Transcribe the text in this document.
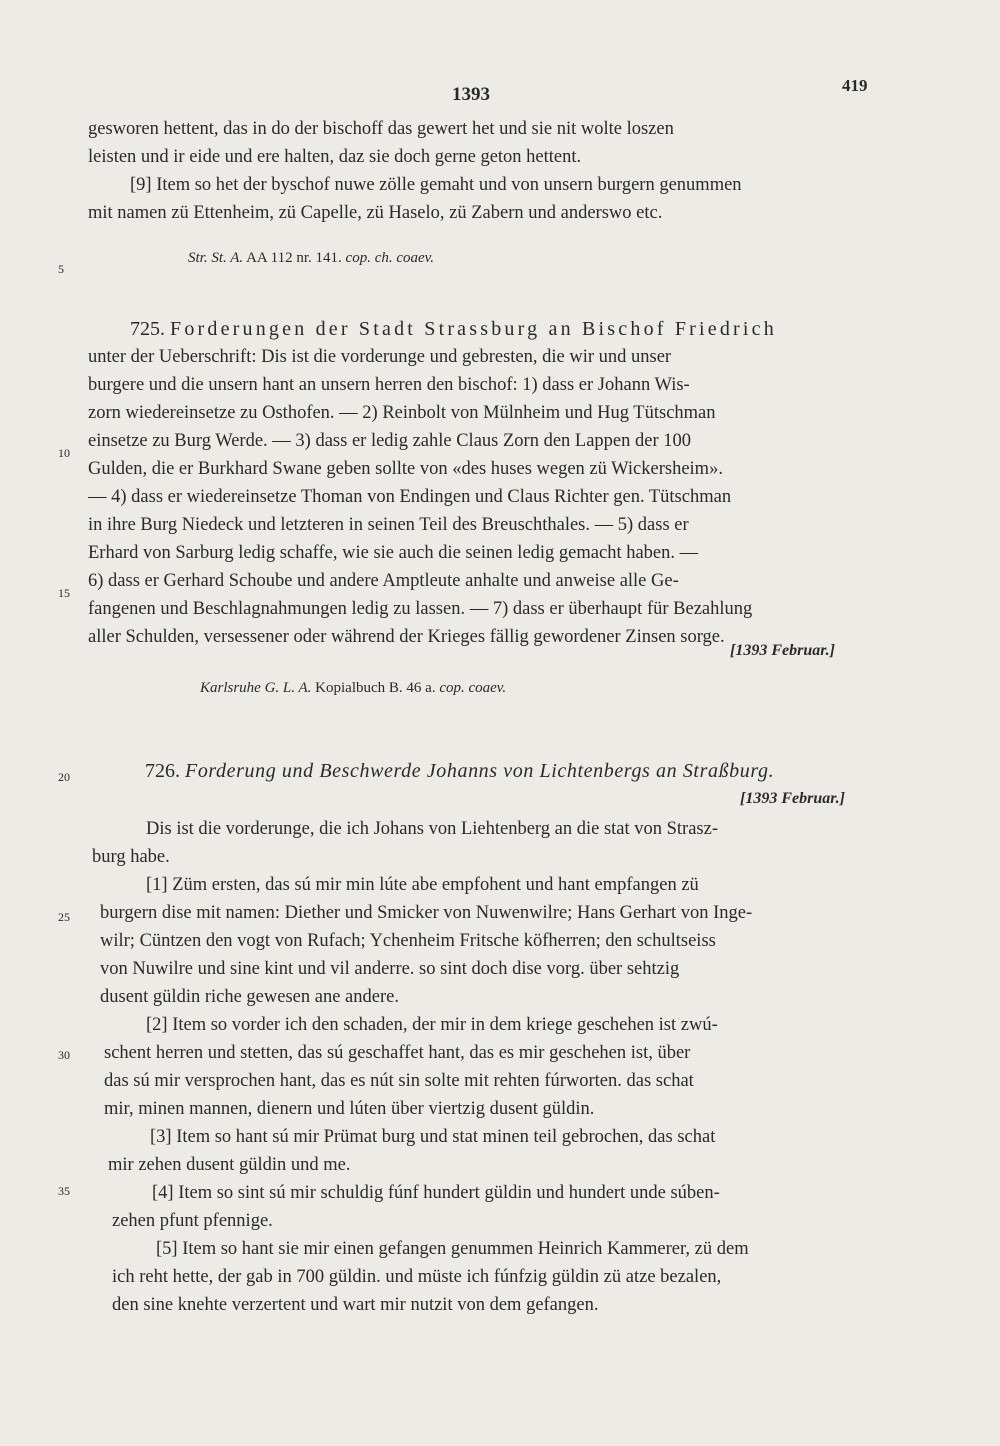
1393	419
5
10
15
20
25
30
35
gesworen hettent, das in do der bischoff das gewert het und sie nit wolte loszen
leisten und ir eide und ere halten, daz sie doch gerne geton hettent.
[9] Item so het der byschof nuwe zölle gemaht und von unsern burgern genummen
mit namen zü Ettenheim, zü Capelle, zü Haselo, zü Zabern und anderswo etc.
Str. St. A. AA 112 nr. 141. cop. ch. coaev.
725. Forderungen der Stadt Strassburg an Bischof Friedrich
unter der Ueberschrift: Dis ist die vorderunge und gebresten, die wir und unser
burgere und die unsern hant an unsern herren den bischof: 1) dass er Johann Wis-
zorn wiedereinsetze zu Osthofen. — 2) Reinbolt von Mülnheim und Hug Tütschman
einsetze zu Burg Werde. — 3) dass er ledig zahle Claus Zorn den Lappen der 100
Gulden, die er Burkhard Swane geben sollte von «des huses wegen zü Wickersheim».
— 4) dass er wiedereinsetze Thoman von Endingen und Claus Richter gen. Tütschman
in ihre Burg Niedeck und letzteren in seinen Teil des Breuschthales. — 5) dass er
Erhard von Sarburg ledig schaffe, wie sie auch die seinen ledig gemacht haben. —
6) dass er Gerhard Schoube und andere Amptleute anhalte und anweise alle Ge-
fangenen und Beschlagnahmungen ledig zu lassen. — 7) dass er überhaupt für Bezahlung
aller Schulden, versessener oder während der Krieges fällig gewordener Zinsen sorge.
[1393 Februar.]
Karlsruhe G. L. A. Kopialbuch B. 46 a. cop. coaev.
726. Forderung und Beschwerde Johanns von Lichtenbergs an Straßburg.
[1393 Februar.]
Dis ist die vorderunge, die ich Johans von Liehtenberg an die stat von Strasz-
burg habe.
[1] Züm ersten, das sú mir min lúte abe empfohent und hant empfangen zü
burgern dise mit namen: Diether und Smicker von Nuwenwilre; Hans Gerhart von Inge-
wilr; Cüntzen den vogt von Rufach; Ychenheim Fritsche köfherren; den schultseiss
von Nuwilre und sine kint und vil anderre. so sint doch dise vorg. über sehtzig
dusent güldin riche gewesen ane andere.
[2] Item so vorder ich den schaden, der mir in dem kriege geschehen ist zwú-
schent herren und stetten, das sú geschaffet hant, das es mir geschehen ist, über
das sú mir versprochen hant, das es nút sin solte mit rehten fúrworten. das schat
mir, minen mannen, dienern und lúten über viertzig dusent güldin.
[3] Item so hant sú mir Prümat burg und stat minen teil gebrochen, das schat
mir zehen dusent güldin und me.
[4] Item so sint sú mir schuldig fúnf hundert güldin und hundert unde súben-
zehen pfunt pfennige.
[5] Item so hant sie mir einen gefangen genummen Heinrich Kammerer, zü dem
ich reht hette, der gab in 700 güldin. und müste ich fúnfzig güldin zü atze bezalen,
den sine knehte verzertent und wart mir nutzit von dem gefangen.
